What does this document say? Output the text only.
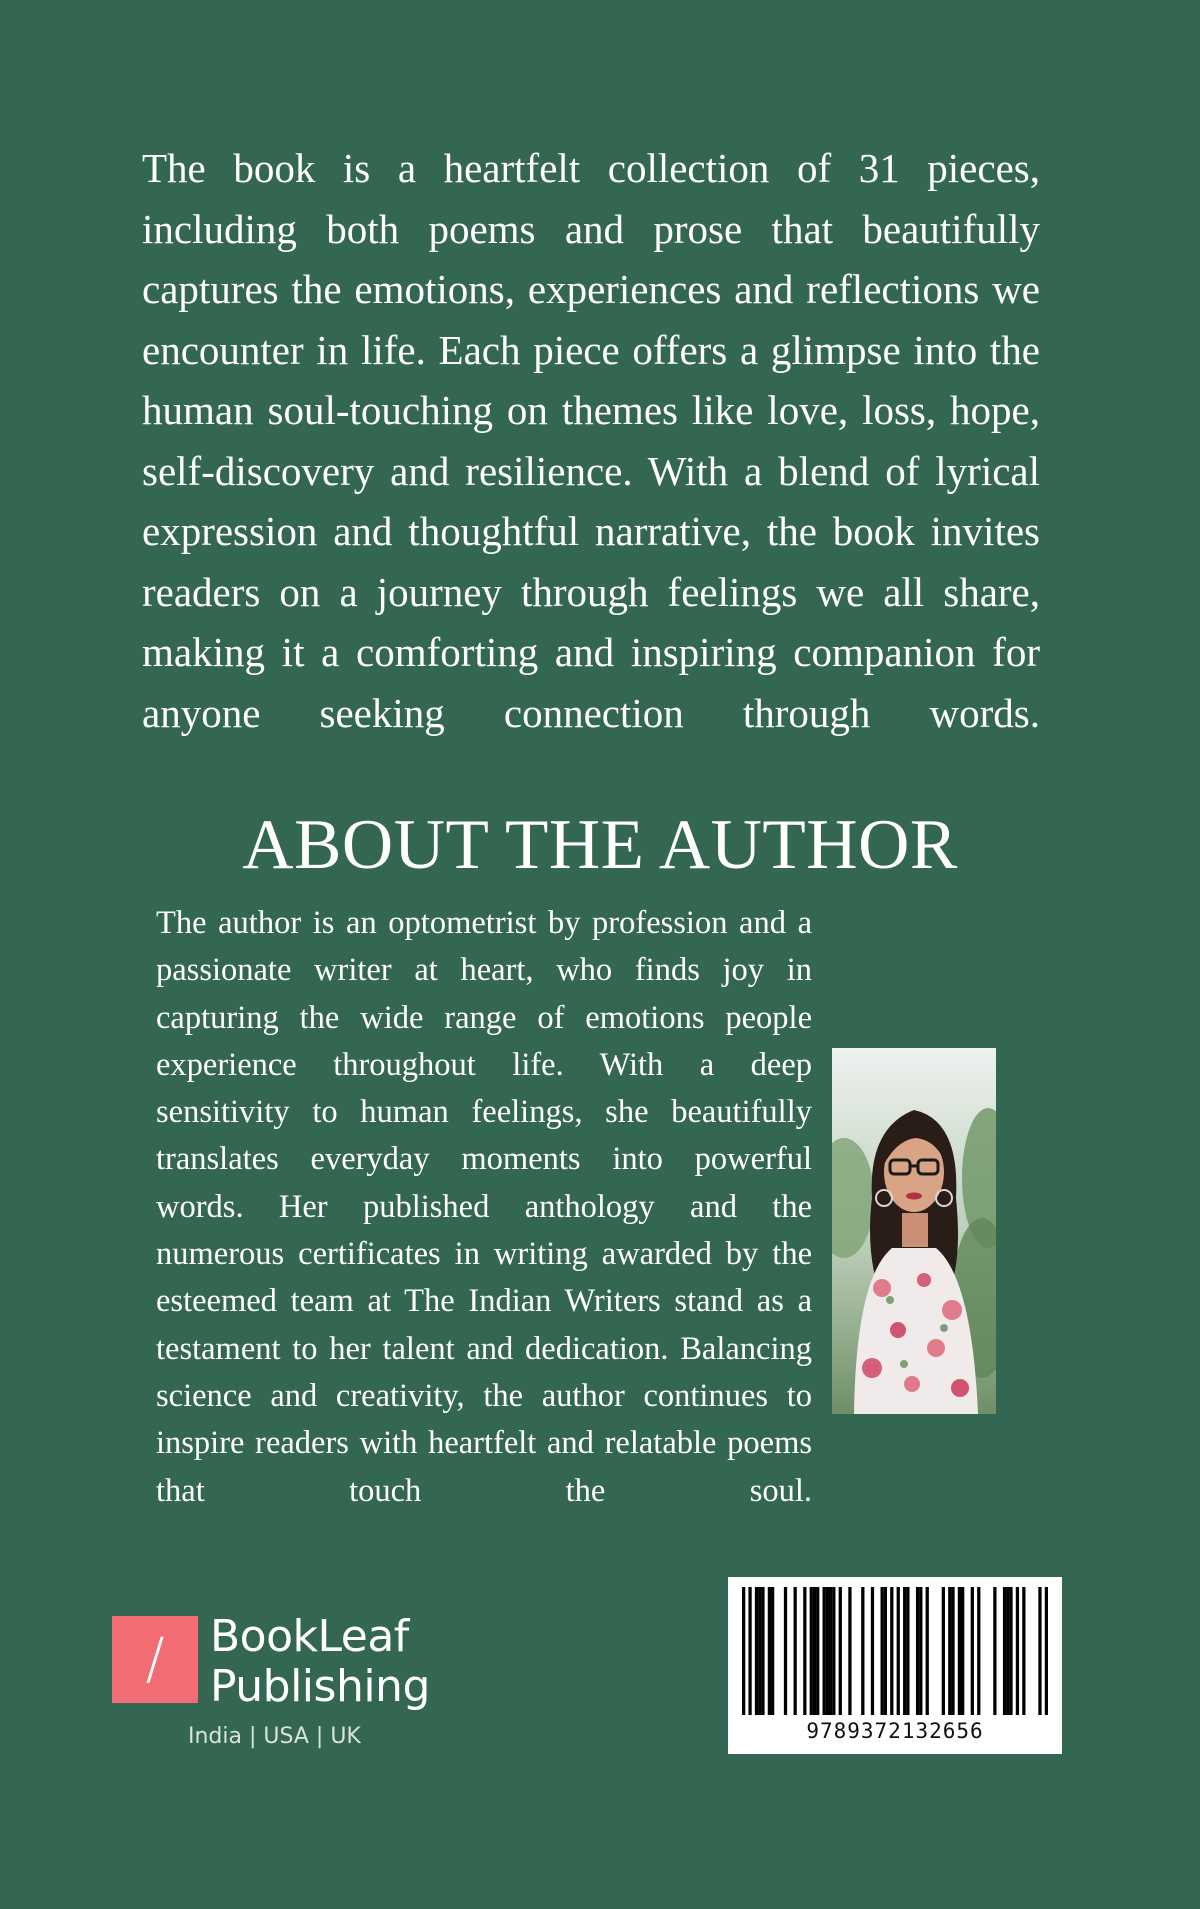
The book is a heartfelt collection of 31 pieces, including both poems and prose that beautifully captures the emotions, experiences and reflections we encounter in life. Each piece offers a glimpse into the human soul-touching on themes like love, loss, hope, self-discovery and resilience. With a blend of lyrical expression and thoughtful narrative, the book invites readers on a journey through feelings we all share, making it a comforting and inspiring companion for anyone seeking connection through words.

ABOUT THE AUTHOR

The author is an optometrist by profession and a passionate writer at heart, who finds joy in capturing the wide range of emotions people experience throughout life. With a deep sensitivity to human feelings, she beautifully translates everyday moments into powerful words. Her published anthology and the numerous certificates in writing awarded by the esteemed team at The Indian Writers stand as a testament to her talent and dedication. Balancing science and creativity, the author continues to inspire readers with heartfelt and relatable poems that touch the soul.

/	BookLeaf
Publishing
India | USA | UK	9789372132656
